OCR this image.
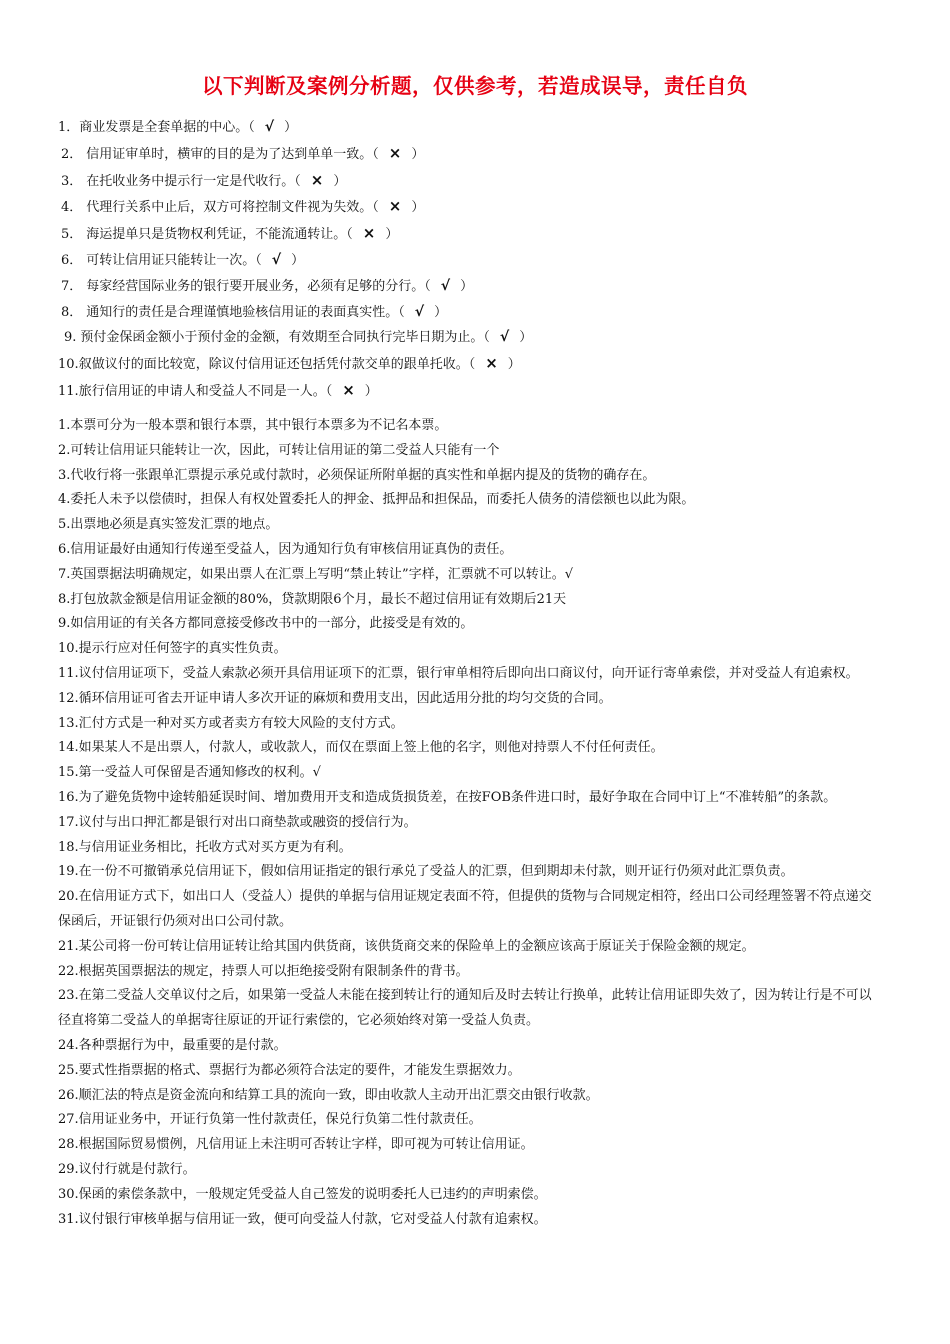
以下判断及案例分析题，仅供参考，若造成误导，责任自负
1．商业发票是全套单据的中心。（ √ ）
2． 信用证审单时，横审的目的是为了达到单单一致。（ × ）
3． 在托收业务中提示行一定是代收行。（ × ）
4． 代理行关系中止后，双方可将控制文件视为失效。（ × ）
5． 海运提单只是货物权利凭证，不能流通转让。（ × ）
6． 可转让信用证只能转让一次。（ √ ）
7． 每家经营国际业务的银行要开展业务，必须有足够的分行。（ √ ）
8． 通知行的责任是合理谨慎地验核信用证的表面真实性。（ √ ）
9. 预付金保函金额小于预付金的金额，有效期至合同执行完毕日期为止。（ √ ）
10.叙做议付的面比较宽，除议付信用证还包括凭付款交单的跟单托收。（ × ）
11.旅行信用证的申请人和受益人不同是一人。（ × ）
1.本票可分为一般本票和银行本票，其中银行本票多为不记名本票。
2.可转让信用证只能转让一次，因此，可转让信用证的第二受益人只能有一个
3.代收行将一张跟单汇票提示承兑或付款时，必须保证所附单据的真实性和单据内提及的货物的确存在。
4.委托人未予以偿债时，担保人有权处置委托人的押金、抵押品和担保品，而委托人债务的清偿额也以此为限。
5.出票地必须是真实签发汇票的地点。
6.信用证最好由通知行传递至受益人，因为通知行负有审核信用证真伪的责任。
7.英国票据法明确规定，如果出票人在汇票上写明“禁止转让”字样，汇票就不可以转让。√
8.打包放款金额是信用证金额的80%，贷款期限6个月，最长不超过信用证有效期后21天
9.如信用证的有关各方都同意接受修改书中的一部分，此接受是有效的。
10.提示行应对任何签字的真实性负责。
11.议付信用证项下，受益人索款必须开具信用证项下的汇票，银行审单相符后即向出口商议付，向开证行寄单索偿，并对受益人有追索权。
12.循环信用证可省去开证申请人多次开证的麻烦和费用支出，因此适用分批的均匀交货的合同。
13.汇付方式是一种对买方或者卖方有较大风险的支付方式。
14.如果某人不是出票人，付款人，或收款人，而仅在票面上签上他的名字，则他对持票人不付任何责任。
15.第一受益人可保留是否通知修改的权利。√
16.为了避免货物中途转船延误时间、增加费用开支和造成货损货差，在按FOB条件进口时，最好争取在合同中订上“不准转船”的条款。
17.议付与出口押汇都是银行对出口商垫款或融资的授信行为。
18.与信用证业务相比，托收方式对买方更为有利。
19.在一份不可撤销承兑信用证下，假如信用证指定的银行承兑了受益人的汇票，但到期却未付款，则开证行仍须对此汇票负责。
20.在信用证方式下，如出口人（受益人）提供的单据与信用证规定表面不符，但提供的货物与合同规定相符，经出口公司经理签署不符点递交保函后，开证银行仍须对出口公司付款。
21.某公司将一份可转让信用证转让给其国内供货商，该供货商交来的保险单上的金额应该高于原证关于保险金额的规定。
22.根据英国票据法的规定，持票人可以拒绝接受附有限制条件的背书。
23.在第二受益人交单议付之后，如果第一受益人未能在接到转让行的通知后及时去转让行换单，此转让信用证即失效了，因为转让行是不可以径直将第二受益人的单据寄往原证的开证行索偿的，它必须始终对第一受益人负责。
24.各种票据行为中，最重要的是付款。
25.要式性指票据的格式、票据行为都必须符合法定的要件，才能发生票据效力。
26.顺汇法的特点是资金流向和结算工具的流向一致，即由收款人主动开出汇票交由银行收款。
27.信用证业务中，开证行负第一性付款责任，保兑行负第二性付款责任。
28.根据国际贸易惯例，凡信用证上未注明可否转让字样，即可视为可转让信用证。
29.议付行就是付款行。
30.保函的索偿条款中，一般规定凭受益人自己签发的说明委托人已违约的声明索偿。
31.议付银行审核单据与信用证一致，便可向受益人付款，它对受益人付款有追索权。
